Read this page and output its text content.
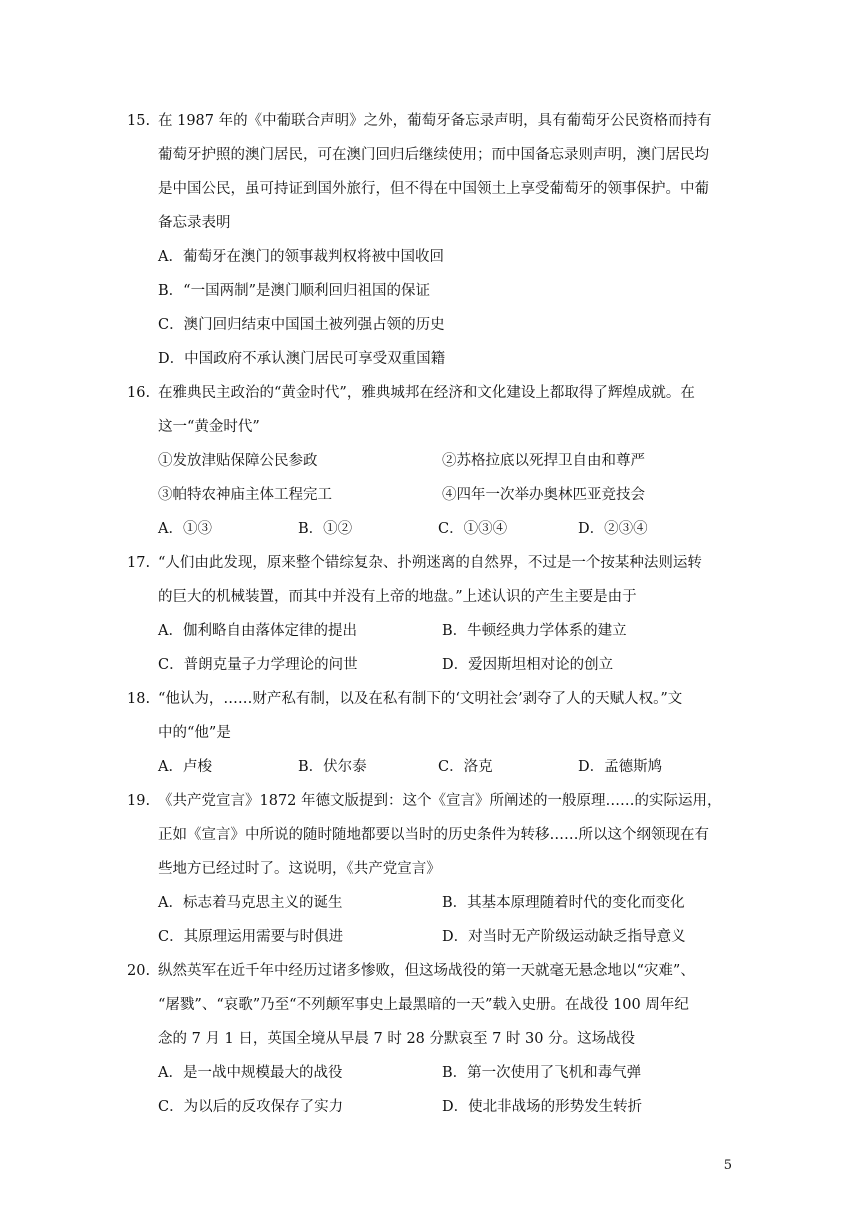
15. 在 1987 年的《中葡联合声明》之外，葡萄牙备忘录声明，具有葡萄牙公民资格而持有
葡萄牙护照的澳门居民，可在澳门回归后继续使用；而中国备忘录则声明，澳门居民均
是中国公民，虽可持证到国外旅行，但不得在中国领土上享受葡萄牙的领事保护。中葡
备忘录表明
A．葡萄牙在澳门的领事裁判权将被中国收回
B．“一国两制”是澳门顺利回归祖国的保证
C．澳门回归结束中国国土被列强占领的历史
D．中国政府不承认澳门居民可享受双重国籍
16. 在雅典民主政治的“黄金时代”，雅典城邦在经济和文化建设上都取得了辉煌成就。在
这一“黄金时代”
①发放津贴保障公民参政	②苏格拉底以死捍卫自由和尊严
③帕特农神庙主体工程完工	④四年一次举办奥林匹亚竞技会
A．①③	B．①②	C．①③④	D．②③④
17. “人们由此发现，原来整个错综复杂、扑朔迷离的自然界，不过是一个按某种法则运转
的巨大的机械装置，而其中并没有上帝的地盘。”上述认识的产生主要是由于
A．伽利略自由落体定律的提出	B．牛顿经典力学体系的建立
C．普朗克量子力学理论的问世	D．爱因斯坦相对论的创立
18. “他认为，……财产私有制，以及在私有制下的‘文明社会’剥夺了人的天赋人权。”文
中的“他”是
A．卢梭	B．伏尔泰	C．洛克	D．孟德斯鸠
19. 《共产党宣言》1872 年德文版提到：这个《宣言》所阐述的一般原理……的实际运用，
正如《宣言》中所说的随时随地都要以当时的历史条件为转移……所以这个纲领现在有
些地方已经过时了。这说明，《共产党宣言》
A．标志着马克思主义的诞生	B．其基本原理随着时代的变化而变化
C．其原理运用需要与时俱进	D．对当时无产阶级运动缺乏指导意义
20. 纵然英军在近千年中经历过诸多惨败，但这场战役的第一天就毫无悬念地以“灾难”、
“屠戮”、“哀歌”乃至“不列颠军事史上最黑暗的一天”载入史册。在战役 100 周年纪
念的 7 月 1 日，英国全境从早晨 7 时 28 分默哀至 7 时 30 分。这场战役
A．是一战中规模最大的战役	B．第一次使用了飞机和毒气弹
C．为以后的反攻保存了实力	D．使北非战场的形势发生转折
5
